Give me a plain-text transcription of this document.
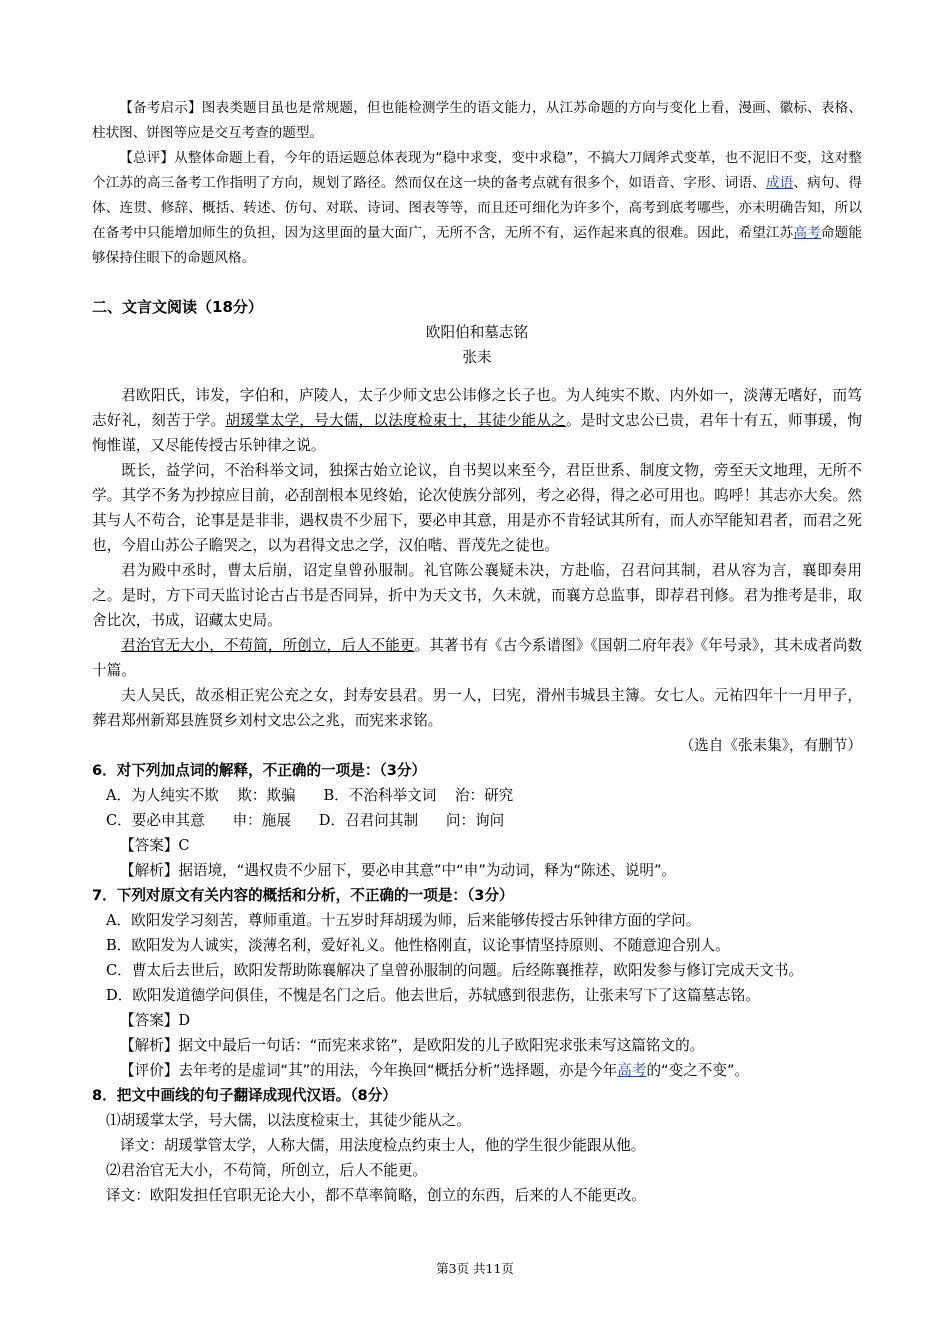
【备考启示】图表类题目虽也是常规题，但也能检测学生的语文能力，从江苏命题的方向与变化上看，漫画、徽标、表格、柱状图、饼图等应是交互考查的题型。

【总评】从整体命题上看，今年的语运题总体表现为“稳中求变，变中求稳”，不搞大刀阔斧式变革，也不泥旧不变，这对整个江苏的高三备考工作指明了方向，规划了路径。然而仅在这一块的备考点就有很多个，如语音、字形、词语、成语、病句、得体、连贯、修辞、概括、转述、仿句、对联、诗词、图表等等，而且还可细化为许多个，高考到底考哪些，亦未明确告知，所以在备考中只能增加师生的负担，因为这里面的量大面广，无所不含，无所不有，运作起来真的很难。因此，希望江苏高考命题能够保持住眼下的命题风格。

二、文言文阅读（18分）

欧阳伯和墓志铭

张耒

君欧阳氏，讳发，字伯和，庐陵人，太子少师文忠公讳修之长子也。为人纯实不欺、内外如一，淡薄无嗜好，而笃志好礼，刻苦于学。胡瑗掌太学，号大儒，以法度检束士，其徒少能从之。是时文忠公已贵，君年十有五，师事瑗，恂恂惟谨，又尽能传授古乐钟律之说。

既长，益学问，不治科举文词，独探古始立论议，自书契以来至今，君臣世系、制度文物，旁至天文地理，无所不学。其学不务为抄掠应目前，必刮剖根本见终始，论次使族分部列，考之必得，得之必可用也。呜呼！其志亦大矣。然其与人不苟合，论事是是非非，遇权贵不少屈下，要必申其意，用是亦不肯轻试其所有，而人亦罕能知君者，而君之死也，今眉山苏公子瞻哭之，以为君得文忠之学，汉伯喈、晋茂先之徒也。

君为殿中丞时，曹太后崩，诏定皇曾孙服制。礼官陈公襄疑未决，方赴临，召君问其制，君从容为言，襄即奏用之。是时，方下司天监讨论古占书是否同异，折中为天文书，久未就，而襄方总监事，即荐君刊修。君为推考是非，取舍比次，书成，诏藏太史局。

君治官无大小，不苟简，所创立，后人不能更。其著书有《古今系谱图》《国朝二府年表》《年号录》，其未成者尚数十篇。

夫人吴氏，故丞相正宪公充之女，封寿安县君。男一人，曰宪，滑州韦城县主簿。女七人。元祐四年十一月甲子，葬君郑州新郑县旌贤乡刘村文忠公之兆，而宪来求铭。

（选自《张耒集》，有删节）

6．对下列加点词的解释，不正确的一项是：（3分）

A．为人纯实不欺    欺：欺骗      B．不治科举文词    治：研究

C．要必申其意      申：施展      D．召君问其制      问：询问

【答案】C

【解析】据语境，“遇权贵不少屈下，要必申其意”中“申”为动词，释为“陈述、说明”。

7．下列对原文有关内容的概括和分析，不正确的一项是：（3分）

A．欧阳发学习刻苦，尊师重道。十五岁时拜胡瑗为师，后来能够传授古乐钟律方面的学问。

B．欧阳发为人诚实，淡薄名利，爱好礼义。他性格刚直，议论事情坚持原则、不随意迎合别人。

C．曹太后去世后，欧阳发帮助陈襄解决了皇曾孙服制的问题。后经陈襄推荐，欧阳发参与修订完成天文书。

D．欧阳发道德学问俱佳，不愧是名门之后。他去世后，苏轼感到很悲伤，让张耒写下了这篇墓志铭。

【答案】D

【解析】据文中最后一句话：“而宪来求铭”，是欧阳发的儿子欧阳宪求张耒写这篇铭文的。

【评价】去年考的是虚词“其”的用法，今年换回“概括分析”选择题，亦是今年高考的“变之不变”。

8．把文中画线的句子翻译成现代汉语。（8分）

⑴胡瑗掌太学，号大儒，以法度检束士，其徒少能从之。

译文：胡瑗掌管太学，人称大儒，用法度检点约束士人，他的学生很少能跟从他。

⑵君治官无大小，不苟简，所创立，后人不能更。

译文：欧阳发担任官职无论大小，都不草率简略，创立的东西，后来的人不能更改。

第3页 共11页
